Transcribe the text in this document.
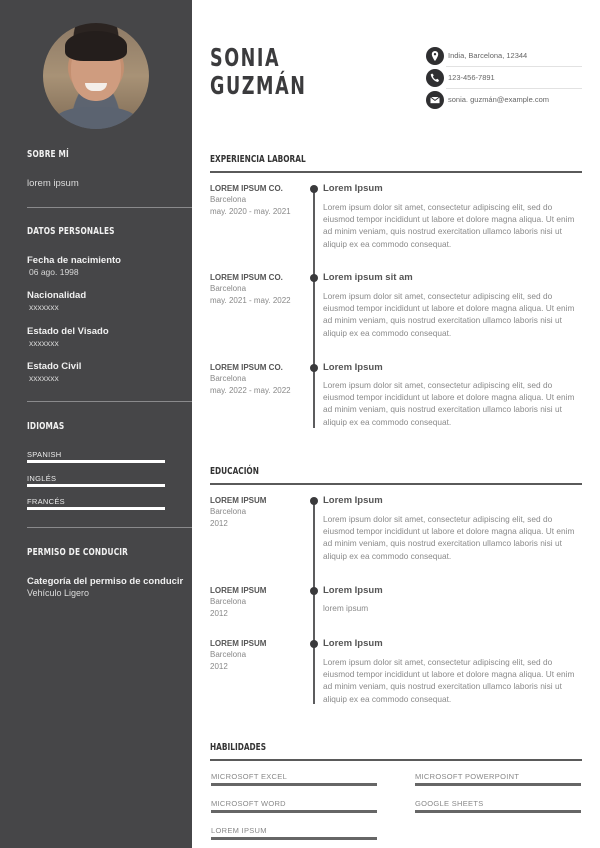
SOBRE MÍ
lorem ipsum
DATOS PERSONALES
Fecha de nacimiento
06 ago. 1998
Nacionalidad
xxxxxxx
Estado del Visado
xxxxxxx
Estado Civil
xxxxxxx
IDIOMAS
SPANISH
INGLÉS
FRANCÉS
PERMISO DE CONDUCIR
Categoría del permiso de conducir
Vehículo Ligero
SONIA
GUZMÁN
India, Barcelona, 12344
123-456-7891
sonia. guzmán@example.com
EXPERIENCIA LABORAL
LOREM IPSUM CO.
Barcelona
may. 2020 - may. 2021
Lorem Ipsum
Lorem ipsum dolor sit amet, consectetur adipiscing elit, sed do eiusmod tempor incididunt ut labore et dolore magna aliqua. Ut enim ad minim veniam, quis nostrud exercitation ullamco laboris nisi ut aliquip ex ea commodo consequat.
LOREM IPSUM CO.
Barcelona
may. 2021 - may. 2022
Lorem ipsum sit am
Lorem ipsum dolor sit amet, consectetur adipiscing elit, sed do eiusmod tempor incididunt ut labore et dolore magna aliqua. Ut enim ad minim veniam, quis nostrud exercitation ullamco laboris nisi ut aliquip ex ea commodo consequat.
LOREM IPSUM CO.
Barcelona
may. 2022 - may. 2022
Lorem Ipsum
Lorem ipsum dolor sit amet, consectetur adipiscing elit, sed do eiusmod tempor incididunt ut labore et dolore magna aliqua. Ut enim ad minim veniam, quis nostrud exercitation ullamco laboris nisi ut aliquip ex ea commodo consequat.
EDUCACIÓN
LOREM IPSUM
Barcelona
2012
Lorem Ipsum
Lorem ipsum dolor sit amet, consectetur adipiscing elit, sed do eiusmod tempor incididunt ut labore et dolore magna aliqua. Ut enim ad minim veniam, quis nostrud exercitation ullamco laboris nisi ut aliquip ex ea commodo consequat.
LOREM IPSUM
Barcelona
2012
Lorem Ipsum
lorem ipsum
LOREM IPSUM
Barcelona
2012
Lorem Ipsum
Lorem ipsum dolor sit amet, consectetur adipiscing elit, sed do eiusmod tempor incididunt ut labore et dolore magna aliqua. Ut enim ad minim veniam, quis nostrud exercitation ullamco laboris nisi ut aliquip ex ea commodo consequat.
HABILIDADES
MICROSOFT EXCEL	MICROSOFT POWERPOINT
MICROSOFT WORD	GOOGLE SHEETS
LOREM IPSUM
